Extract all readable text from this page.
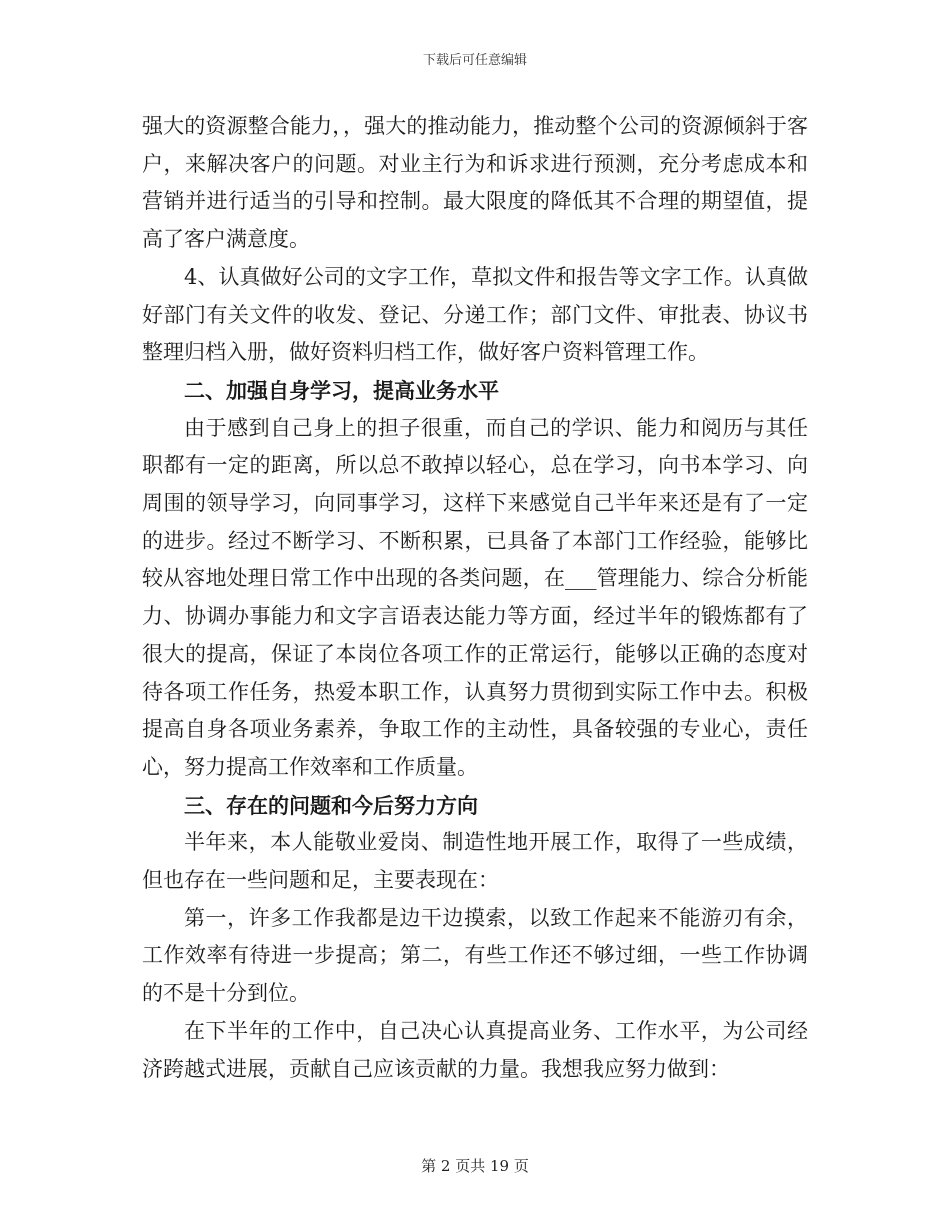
下载后可任意编辑

强大的资源整合能力，，强大的推动能力，推动整个公司的资源倾斜于客户，来解决客户的问题。对业主行为和诉求进行预测，充分考虑成本和营销并进行适当的引导和控制。最大限度的降低其不合理的期望值，提高了客户满意度。

4、认真做好公司的文字工作，草拟文件和报告等文字工作。认真做好部门有关文件的收发、登记、分递工作；部门文件、审批表、协议书整理归档入册，做好资料归档工作，做好客户资料管理工作。

二、加强自身学习，提高业务水平

由于感到自己身上的担子很重，而自己的学识、能力和阅历与其任职都有一定的距离，所以总不敢掉以轻心，总在学习，向书本学习、向周围的领导学习，向同事学习，这样下来感觉自己半年来还是有了一定的进步。经过不断学习、不断积累，已具备了本部门工作经验，能够比较从容地处理日常工作中出现的各类问题，在___管理能力、综合分析能力、协调办事能力和文字言语表达能力等方面，经过半年的锻炼都有了很大的提高，保证了本岗位各项工作的正常运行，能够以正确的态度对待各项工作任务，热爱本职工作，认真努力贯彻到实际工作中去。积极提高自身各项业务素养，争取工作的主动性，具备较强的专业心，责任心，努力提高工作效率和工作质量。

三、存在的问题和今后努力方向

半年来，本人能敬业爱岗、制造性地开展工作，取得了一些成绩，但也存在一些问题和足，主要表现在：

第一，许多工作我都是边干边摸索，以致工作起来不能游刃有余，工作效率有待进一步提高；第二，有些工作还不够过细，一些工作协调的不是十分到位。

在下半年的工作中，自己决心认真提高业务、工作水平，为公司经济跨越式进展，贡献自己应该贡献的力量。我想我应努力做到：

第 2 页共 19 页
